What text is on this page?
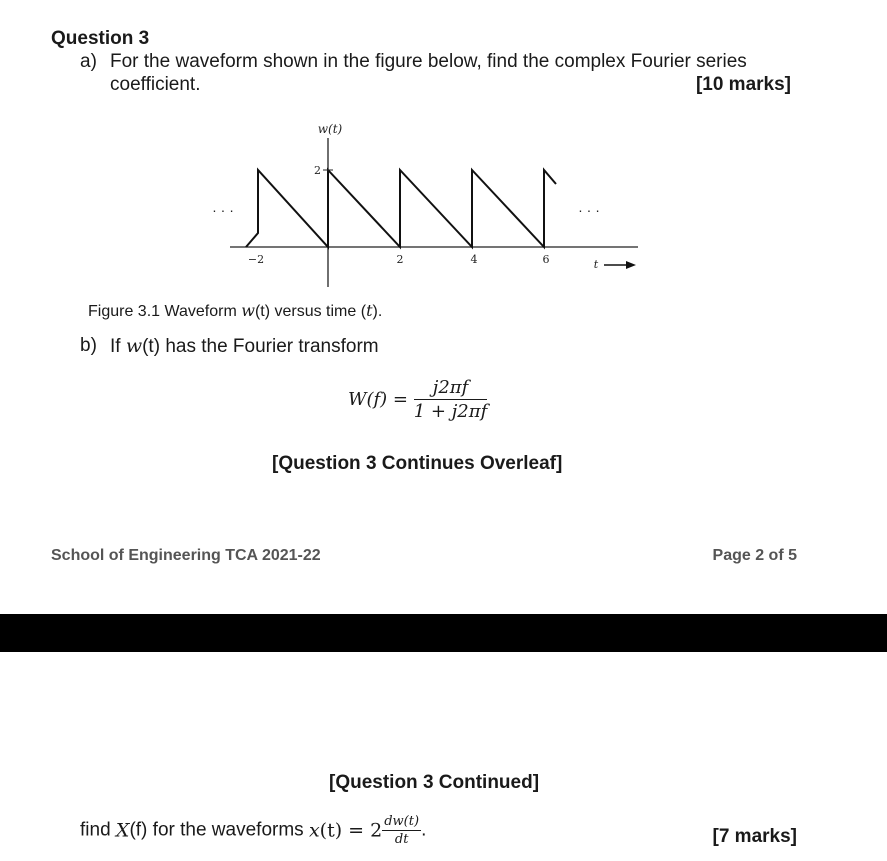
Question 3
a) For the waveform shown in the figure below, find the complex Fourier series
coefficient.	[10 marks]
w(t)
2
−2	2	4	6
· · ·	· · ·
t
Figure 3.1 Waveform w(t) versus time (t).
b) If w(t) has the Fourier transform
$W(f) = \frac{j2\pi f}{1 + j2\pi f}$
[Question 3 Continues Overleaf]
School of Engineering TCA 2021-22	Page 2 of 5
[Question 3 Continued]
find X(f) for the waveforms $x(t) = 2 \frac{dw(t)}{dt}$ .	[7 marks]
